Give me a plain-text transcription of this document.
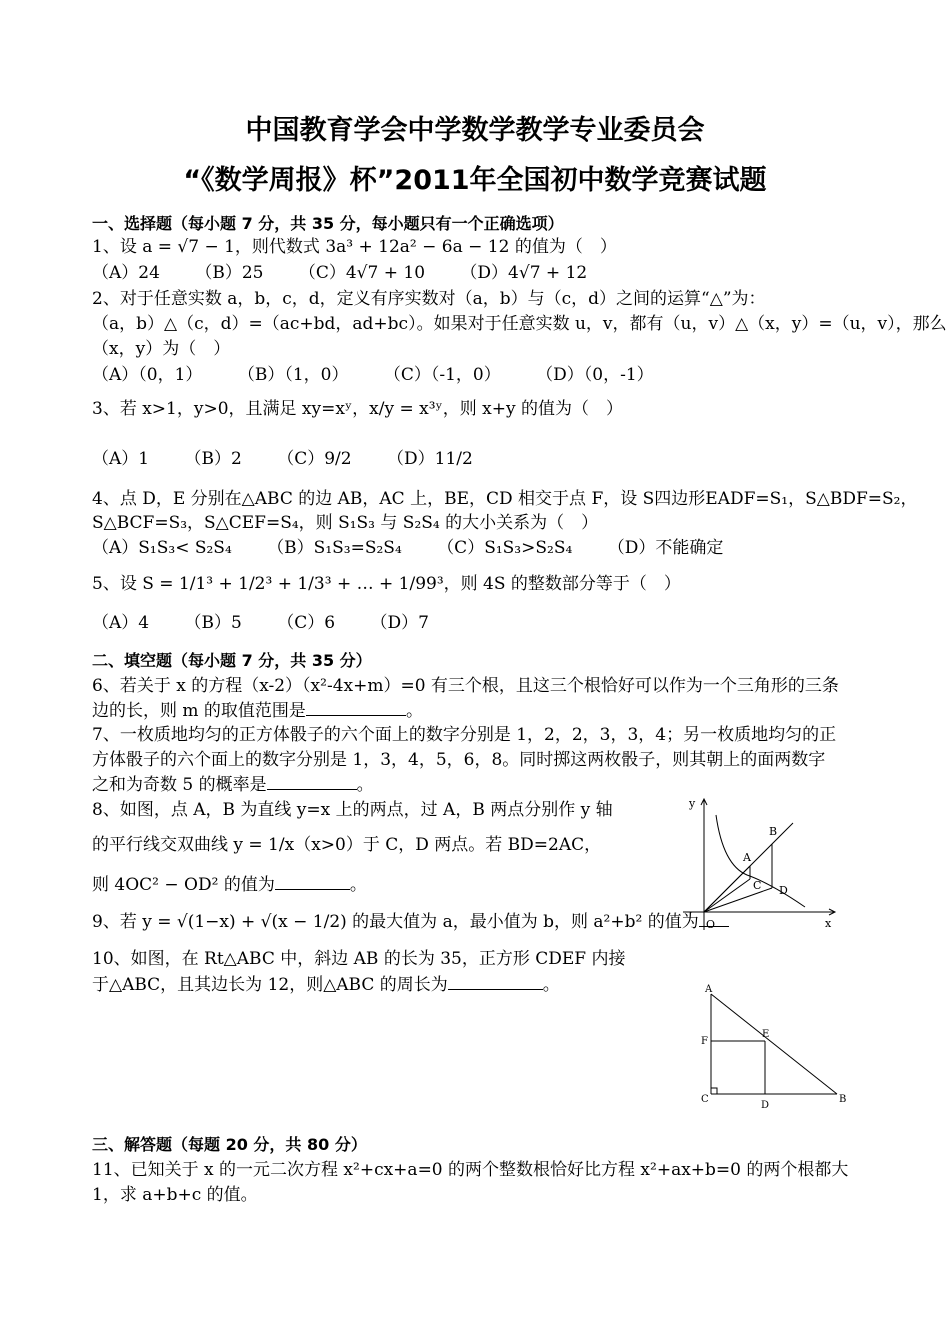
中国教育学会中学数学教学专业委员会
“《数学周报》杯”2011年全国初中数学竞赛试题
一、选择题（每小题 7 分，共 35 分，每小题只有一个正确选项）
1、设 a = √7 − 1，则代数式 3a³ + 12a² − 6a − 12 的值为（　）
（A）24 （B）25 （C）4√7 + 10 （D）4√7 + 12
2、对于任意实数 a，b，c，d，定义有序实数对（a，b）与（c，d）之间的运算“△”为：
（a，b）△（c，d）=（ac+bd，ad+bc）。如果对于任意实数 u，v，都有（u，v）△（x，y）=（u，v），那么
（x，y）为（　）
（A）（0，1） （B）（1，0） （C）（-1，0） （D）（0，-1）
3、若 x>1，y>0，且满足 xy=xʸ，x/y = x³ʸ，则 x+y 的值为（　）
（A）1 （B）2 （C）9/2 （D）11/2
4、点 D，E 分别在△ABC 的边 AB，AC 上，BE，CD 相交于点 F，设 S四边形EADF=S₁，S△BDF=S₂，
S△BCF=S₃，S△CEF=S₄，则 S₁S₃ 与 S₂S₄ 的大小关系为（　）
（A）S₁S₃< S₂S₄ （B）S₁S₃=S₂S₄ （C）S₁S₃>S₂S₄ （D）不能确定
5、设 S = 1/1³ + 1/2³ + 1/3³ + … + 1/99³，则 4S 的整数部分等于（　）
（A）4 （B）5 （C）6 （D）7
二、填空题（每小题 7 分，共 35 分）
6、若关于 x 的方程（x-2）（x²-4x+m）=0 有三个根，且这三个根恰好可以作为一个三角形的三条
边的长，则 m 的取值范围是	。
7、一枚质地均匀的正方体骰子的六个面上的数字分别是 1，2，2，3，3，4；另一枚质地均匀的正
方体骰子的六个面上的数字分别是 1，3，4，5，6，8。同时掷这两枚骰子，则其朝上的面两数字
之和为奇数 5 的概率是	。
8、如图，点 A，B 为直线 y=x 上的两点，过 A，B 两点分别作 y 轴
的平行线交双曲线 y = 1/x（x>0）于 C，D 两点。若 BD=2AC，
则 4OC² − OD² 的值为	。
9、若 y = √(1−x) + √(x − 1/2) 的最大值为 a，最小值为 b，则 a²+b² 的值为
10、如图，在 Rt△ABC 中，斜边 AB 的长为 35，正方形 CDEF 内接
于△ABC，且其边长为 12，则△ABC 的周长为	。
三、解答题（每题 20 分，共 80 分）
11、已知关于 x 的一元二次方程 x²+cx+a=0 的两个整数根恰好比方程 x²+ax+b=0 的两个根都大
1，求 a+b+c 的值。
y
x
O
A
B
C D
A
B
C
D
E
F
